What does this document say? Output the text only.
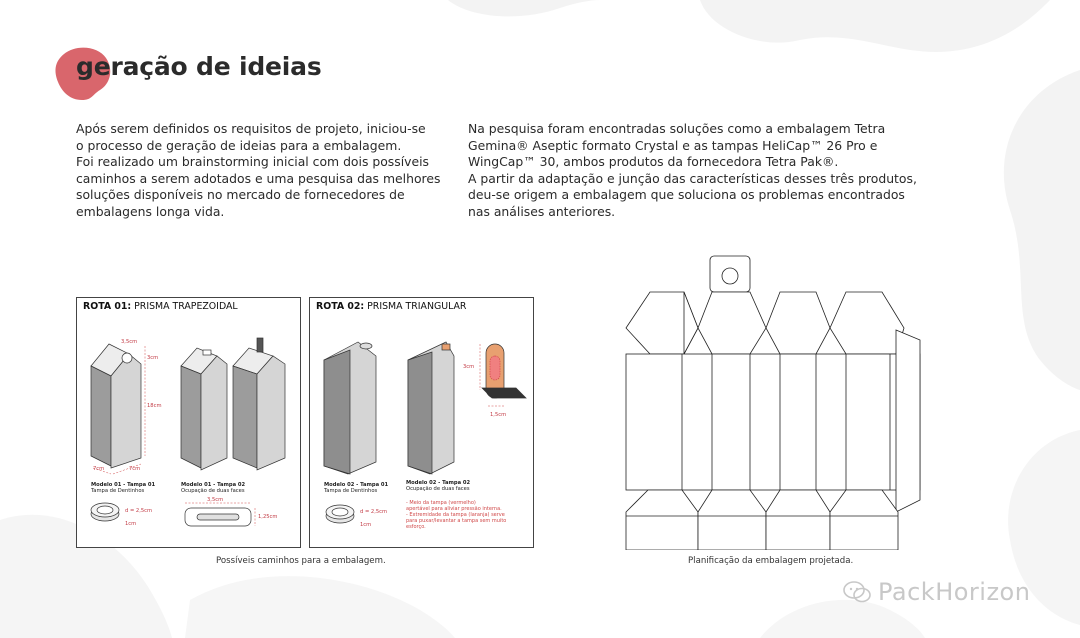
geração de ideias

Após serem definidos os requisitos de projeto, iniciou-se
o processo de geração de ideias para a embalagem.
Foi realizado um brainstorming inicial com dois possíveis
caminhos a serem adotados e uma pesquisa das melhores
soluções disponíveis no mercado de fornecedores de
embalagens longa vida.

Na pesquisa foram encontradas soluções como a embalagem Tetra
Gemina® Aseptic formato Crystal e as tampas HeliCap™ 26 Pro e
WingCap™ 30, ambos produtos da fornecedora Tetra Pak®.
A partir da adaptação e junção das características desses três produtos,
deu-se origem a embalagem que soluciona os problemas encontrados
nas análises anteriores.

ROTA 01: PRISMA TRAPEZOIDAL
3,5cm
3cm
18cm
7cm	7cm
Modelo 01 - Tampa 01
Tampa de Dentinhos
Modelo 01 - Tampa 02
Ocupação de duas faces
d = 2,5cm
1cm
3,5cm
1,25cm
ROTA 02: PRISMA TRIANGULAR
3cm
1,5cm
Modelo 02 - Tampa 01
Tampa de Dentinhos
Modelo 02 - Tampa 02
Ocupação de duas faces
d = 2,5cm
1cm
- Meio da tampa (vermelho)
apertável para aliviar pressão interna.
- Extremidade da tampa (laranja) serve
para puxar/levantar a tampa sem muito
esforço.
Possíveis caminhos para a embalagem.	Planificação da embalagem projetada.
PackHorizon
